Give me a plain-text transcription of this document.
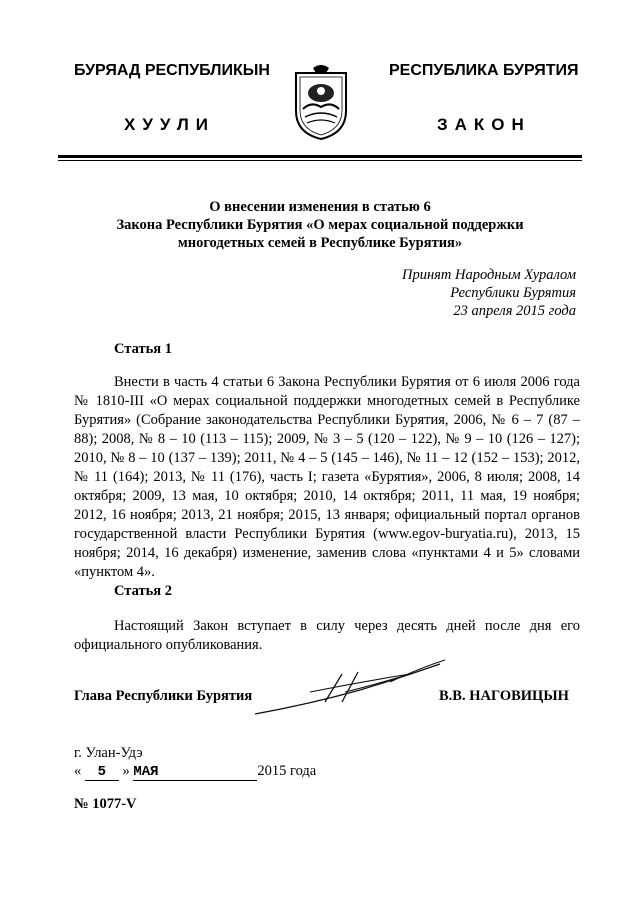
БУРЯАД РЕСПУБЛИКЫН	РЕСПУБЛИКА БУРЯТИЯ
ХУУЛИ	ЗАКОН
О внесении изменения в статью 6
Закона Республики Бурятия «О мерах социальной поддержки
многодетных семей в Республике Бурятия»
Принят Народным Хуралом
Республики Бурятия
23 апреля 2015 года
Статья 1
Внести в часть 4 статьи 6 Закона Республики Бурятия от 6 июля 2006 года № 1810-III «О мерах социальной поддержки многодетных семей в Республике Бурятия» (Собрание законодательства Республики Бурятия, 2006, № 6 – 7 (87 – 88); 2008, № 8 – 10 (113 – 115); 2009, № 3 – 5 (120 – 122), № 9 – 10 (126 – 127); 2010, № 8 – 10 (137 – 139); 2011, № 4 – 5 (145 – 146), № 11 – 12 (152 – 153); 2012, № 11 (164); 2013, № 11 (176), часть I; газета «Бурятия», 2006, 8 июля; 2008, 14 октября; 2009, 13 мая, 10 октября; 2010, 14 октября; 2011, 11 мая, 19 ноября; 2012, 16 ноября; 2013, 21 ноября; 2015, 13 января; официальный портал органов государственной власти Республики Бурятия (www.egov-buryatia.ru), 2013, 15 ноября; 2014, 16 декабря) изменение, заменив слова «пунктами 4 и 5» словами «пунктом 4».
Статья 2
Настоящий Закон вступает в силу через десять дней после дня его официального опубликования.
Глава Республики Бурятия	В.В. НАГОВИЦЫН
г. Улан-Удэ
« 5 » МАЯ	2015 года
№ 1077-V
